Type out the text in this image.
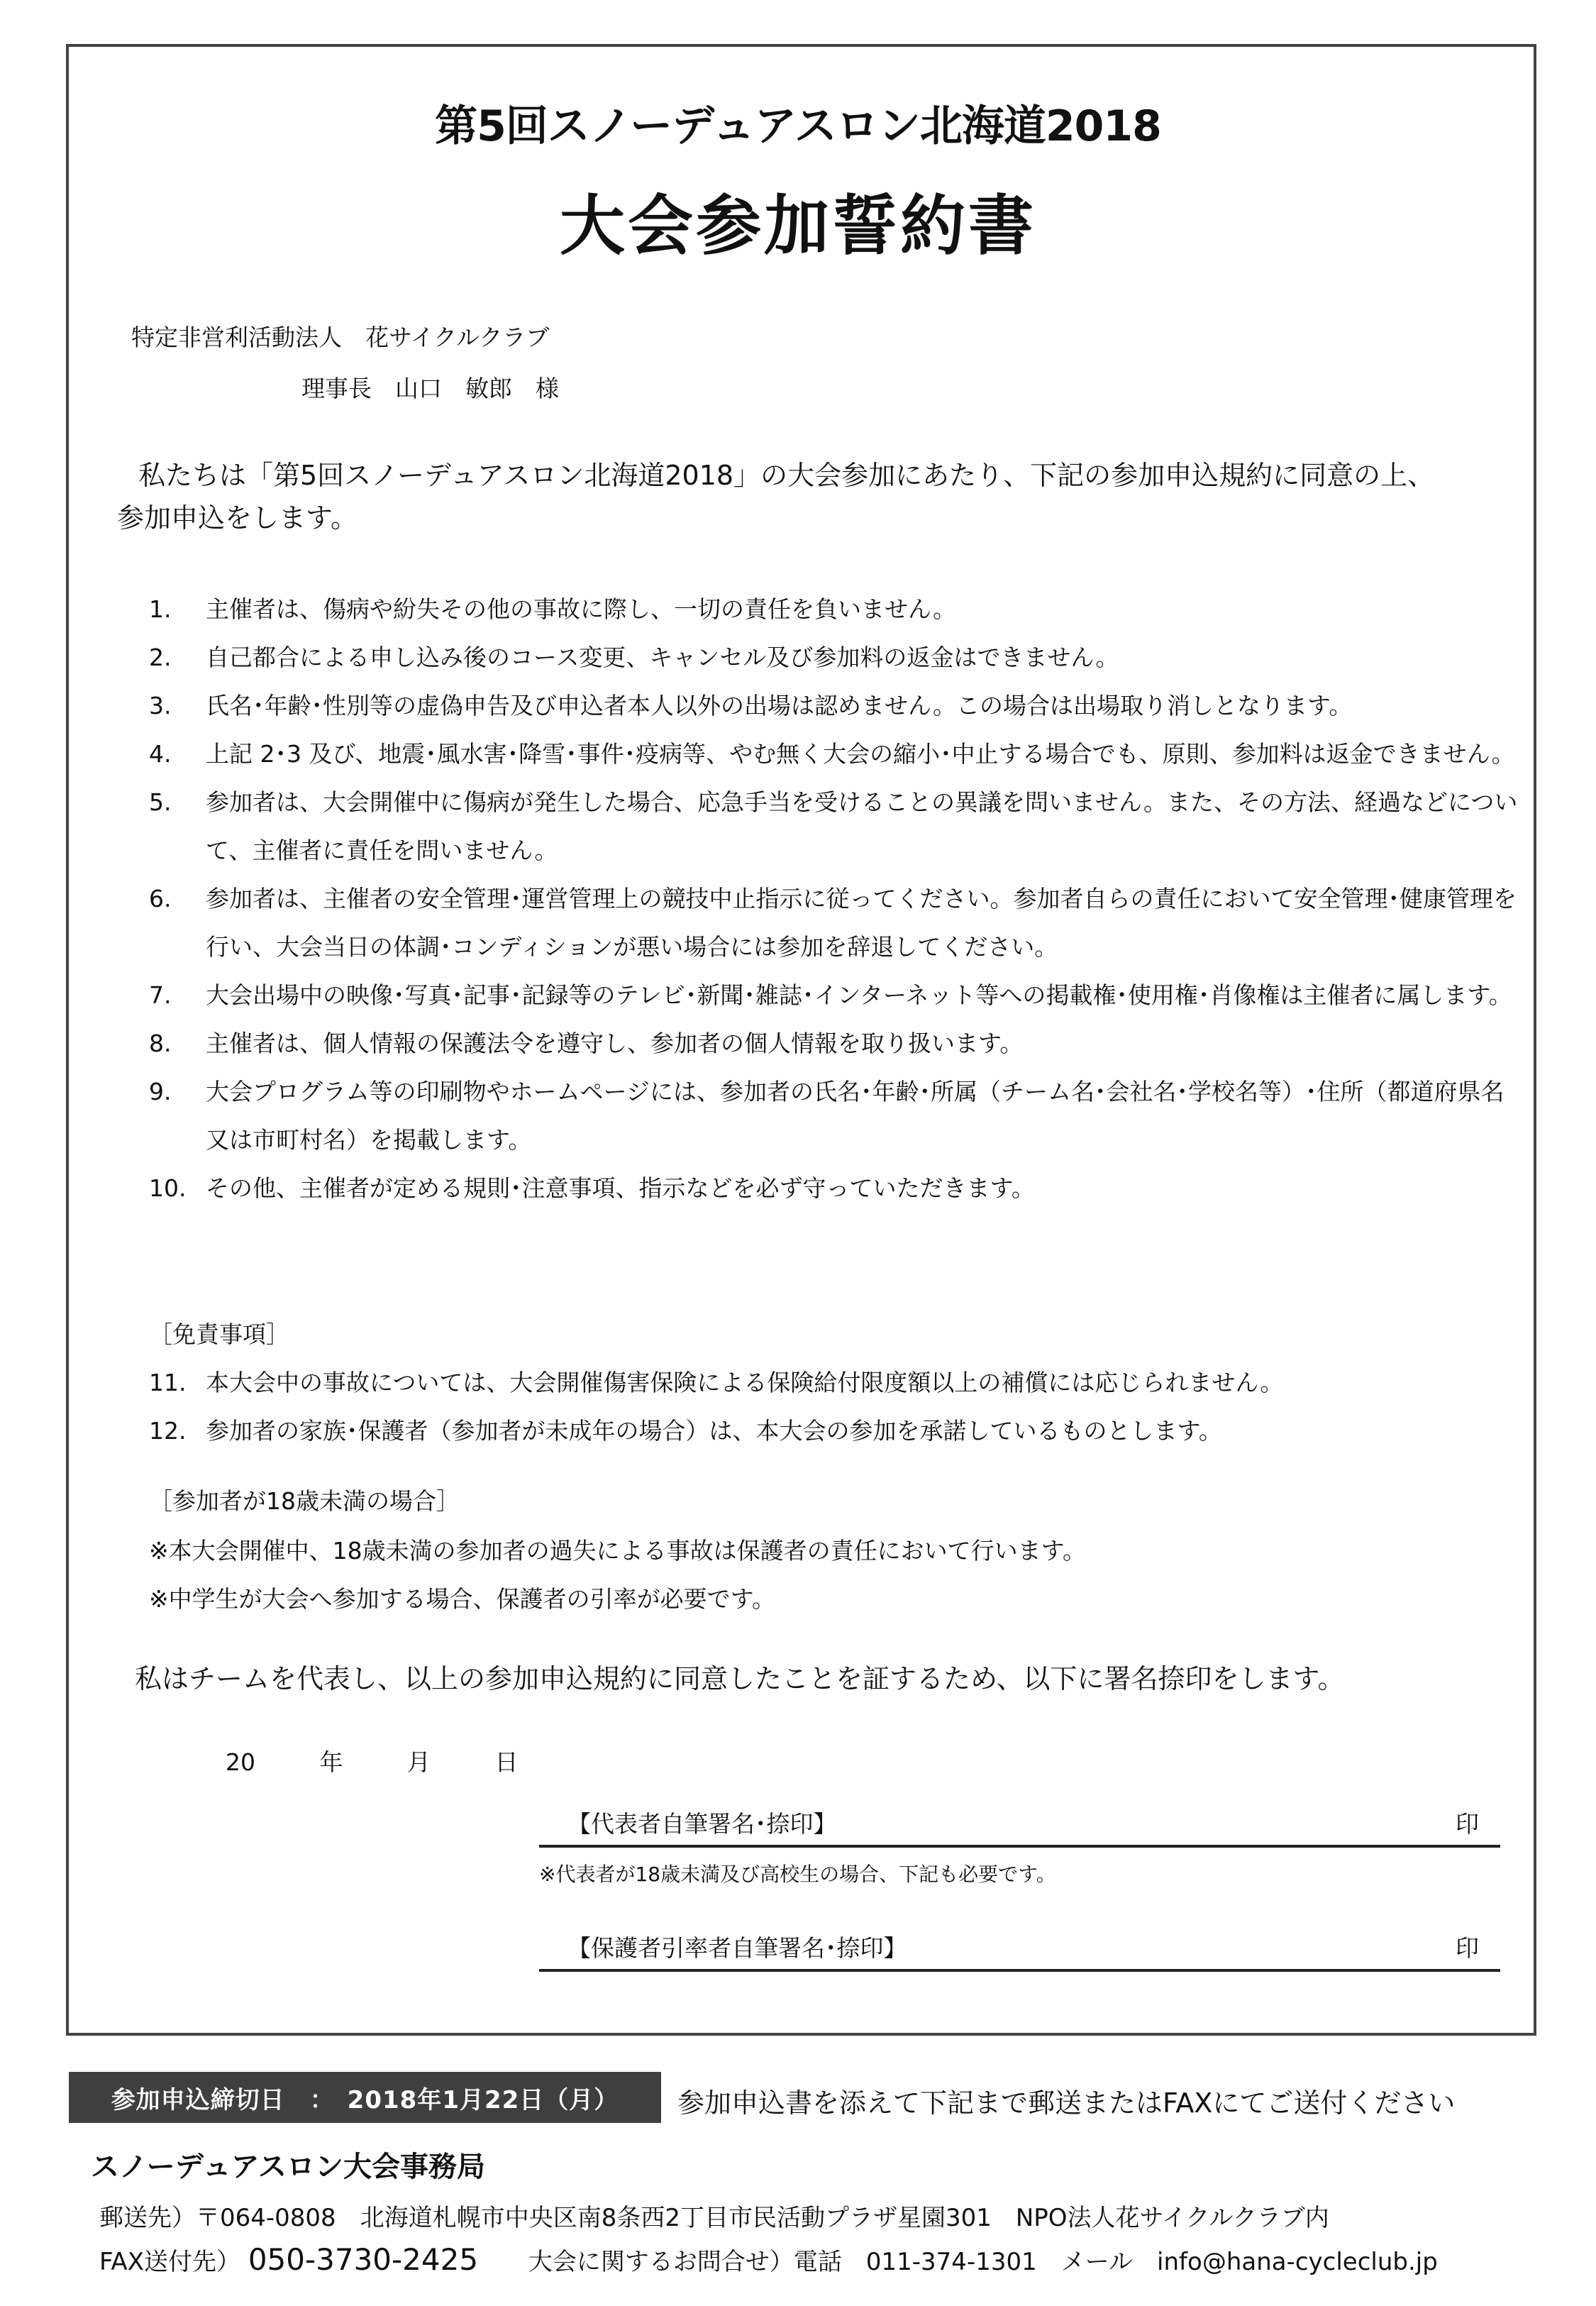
第5回スノーデュアスロン北海道2018
大会参加誓約書
特定非営利活動法人　花サイクルクラブ
理事長　山口　敏郎　様
私たちは「第5回スノーデュアスロン北海道2018」の大会参加にあたり、下記の参加申込規約に同意の上、
参加申込をします。
1.	主催者は、傷病や紛失その他の事故に際し、一切の責任を負いません。
2.	自己都合による申し込み後のコース変更、キャンセル及び参加料の返金はできません。
3.	氏名･年齢･性別等の虚偽申告及び申込者本人以外の出場は認めません。この場合は出場取り消しとなります。
4.	上記 2･3 及び、地震･風水害･降雪･事件･疫病等、やむ無く大会の縮小･中止する場合でも、原則、参加料は返金できません。
5.	参加者は、大会開催中に傷病が発生した場合、応急手当を受けることの異議を問いません。また、その方法、経過などについて、主催者に責任を問いません。
6.	参加者は、主催者の安全管理･運営管理上の競技中止指示に従ってください。参加者自らの責任において安全管理･健康管理を行い、大会当日の体調･コンディションが悪い場合には参加を辞退してください。
7.	大会出場中の映像･写真･記事･記録等のテレビ･新聞･雑誌･インターネット等への掲載権･使用権･肖像権は主催者に属します。
8.	主催者は、個人情報の保護法令を遵守し、参加者の個人情報を取り扱います。
9.	大会プログラム等の印刷物やホームページには、参加者の氏名･年齢･所属（チーム名･会社名･学校名等）･住所（都道府県名又は市町村名）を掲載します。
10. その他、主催者が定める規則･注意事項、指示などを必ず守っていただきます。
［免責事項］
11. 本大会中の事故については、大会開催傷害保険による保険給付限度額以上の補償には応じられません。
12. 参加者の家族･保護者（参加者が未成年の場合）は、本大会の参加を承諾しているものとします。
［参加者が18歳未満の場合］
※本大会開催中、18歳未満の参加者の過失による事故は保護者の責任において行います。
※中学生が大会へ参加する場合、保護者の引率が必要です。
私はチームを代表し、以上の参加申込規約に同意したことを証するため、以下に署名捺印をします。
20	年	月	日
【代表者自筆署名･捺印】	印
※代表者が18歳未満及び高校生の場合、下記も必要です。
【保護者引率者自筆署名･捺印】	印
参加申込締切日　：　2018年1月22日（月）	参加申込書を添えて下記まで郵送またはFAXにてご送付ください
スノーデュアスロン大会事務局
郵送先）〒064-0808　北海道札幌市中央区南8条西2丁目市民活動プラザ星園301　NPO法人花サイクルクラブ内
FAX送付先） 050-3730-2425 大会に関するお問合せ）電話　011-374-1301　メール　info@hana-cycleclub.jp
